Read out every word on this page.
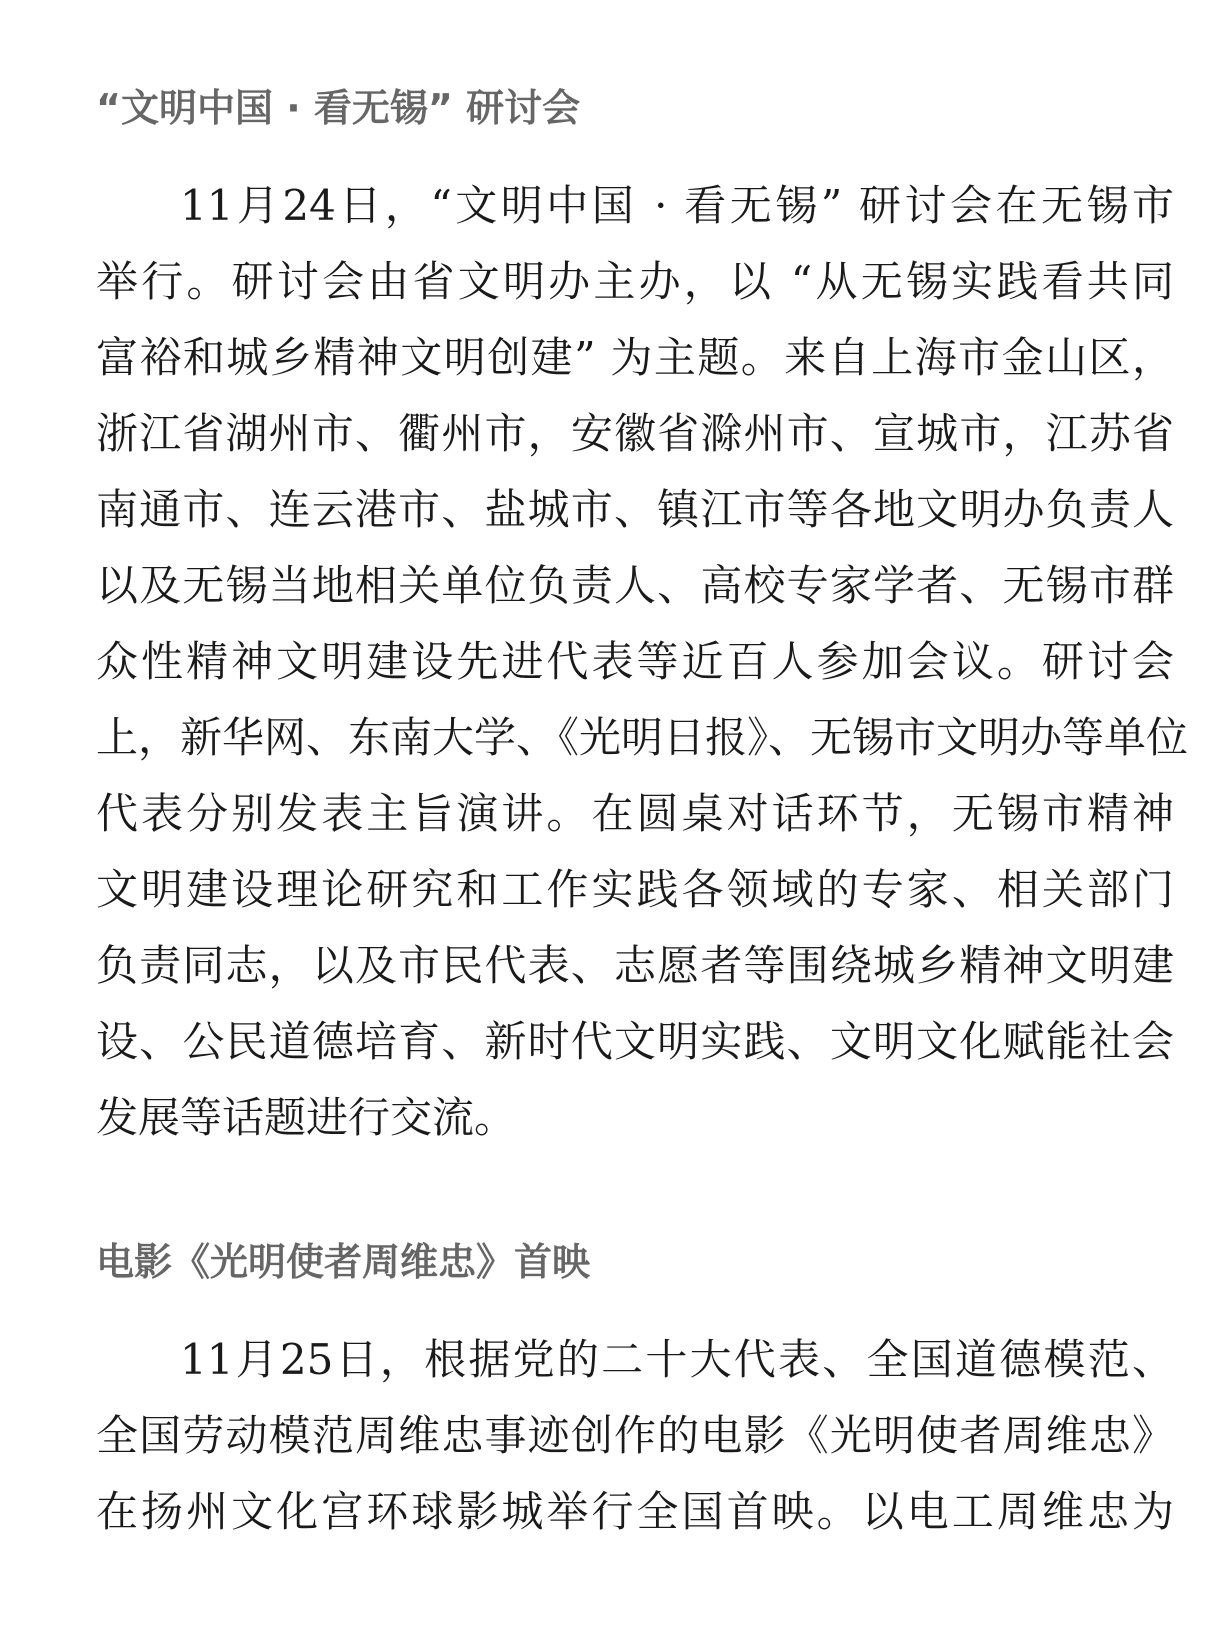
“文明中国 · 看无锡” 研讨会

11月24日，“文明中国 · 看无锡” 研讨会在无锡市

举行。研讨会由省文明办主办，以 “从无锡实践看共同

富裕和城乡精神文明创建” 为主题。来自上海市金山区，

浙江省湖州市、衢州市，安徽省滁州市、宣城市，江苏省

南通市、连云港市、盐城市、镇江市等各地文明办负责人

以及无锡当地相关单位负责人、高校专家学者、无锡市群

众性精神文明建设先进代表等近百人参加会议。研讨会

上，新华网、东南大学、《光明日报》、无锡市文明办等单位

代表分别发表主旨演讲。在圆桌对话环节，无锡市精神

文明建设理论研究和工作实践各领域的专家、相关部门

负责同志，以及市民代表、志愿者等围绕城乡精神文明建

设、公民道德培育、新时代文明实践、文明文化赋能社会

发展等话题进行交流。

电影《光明使者周维忠》首映

11月25日，根据党的二十大代表、全国道德模范、

全国劳动模范周维忠事迹创作的电影《光明使者周维忠》

在扬州文化宫环球影城举行全国首映。以电工周维忠为
